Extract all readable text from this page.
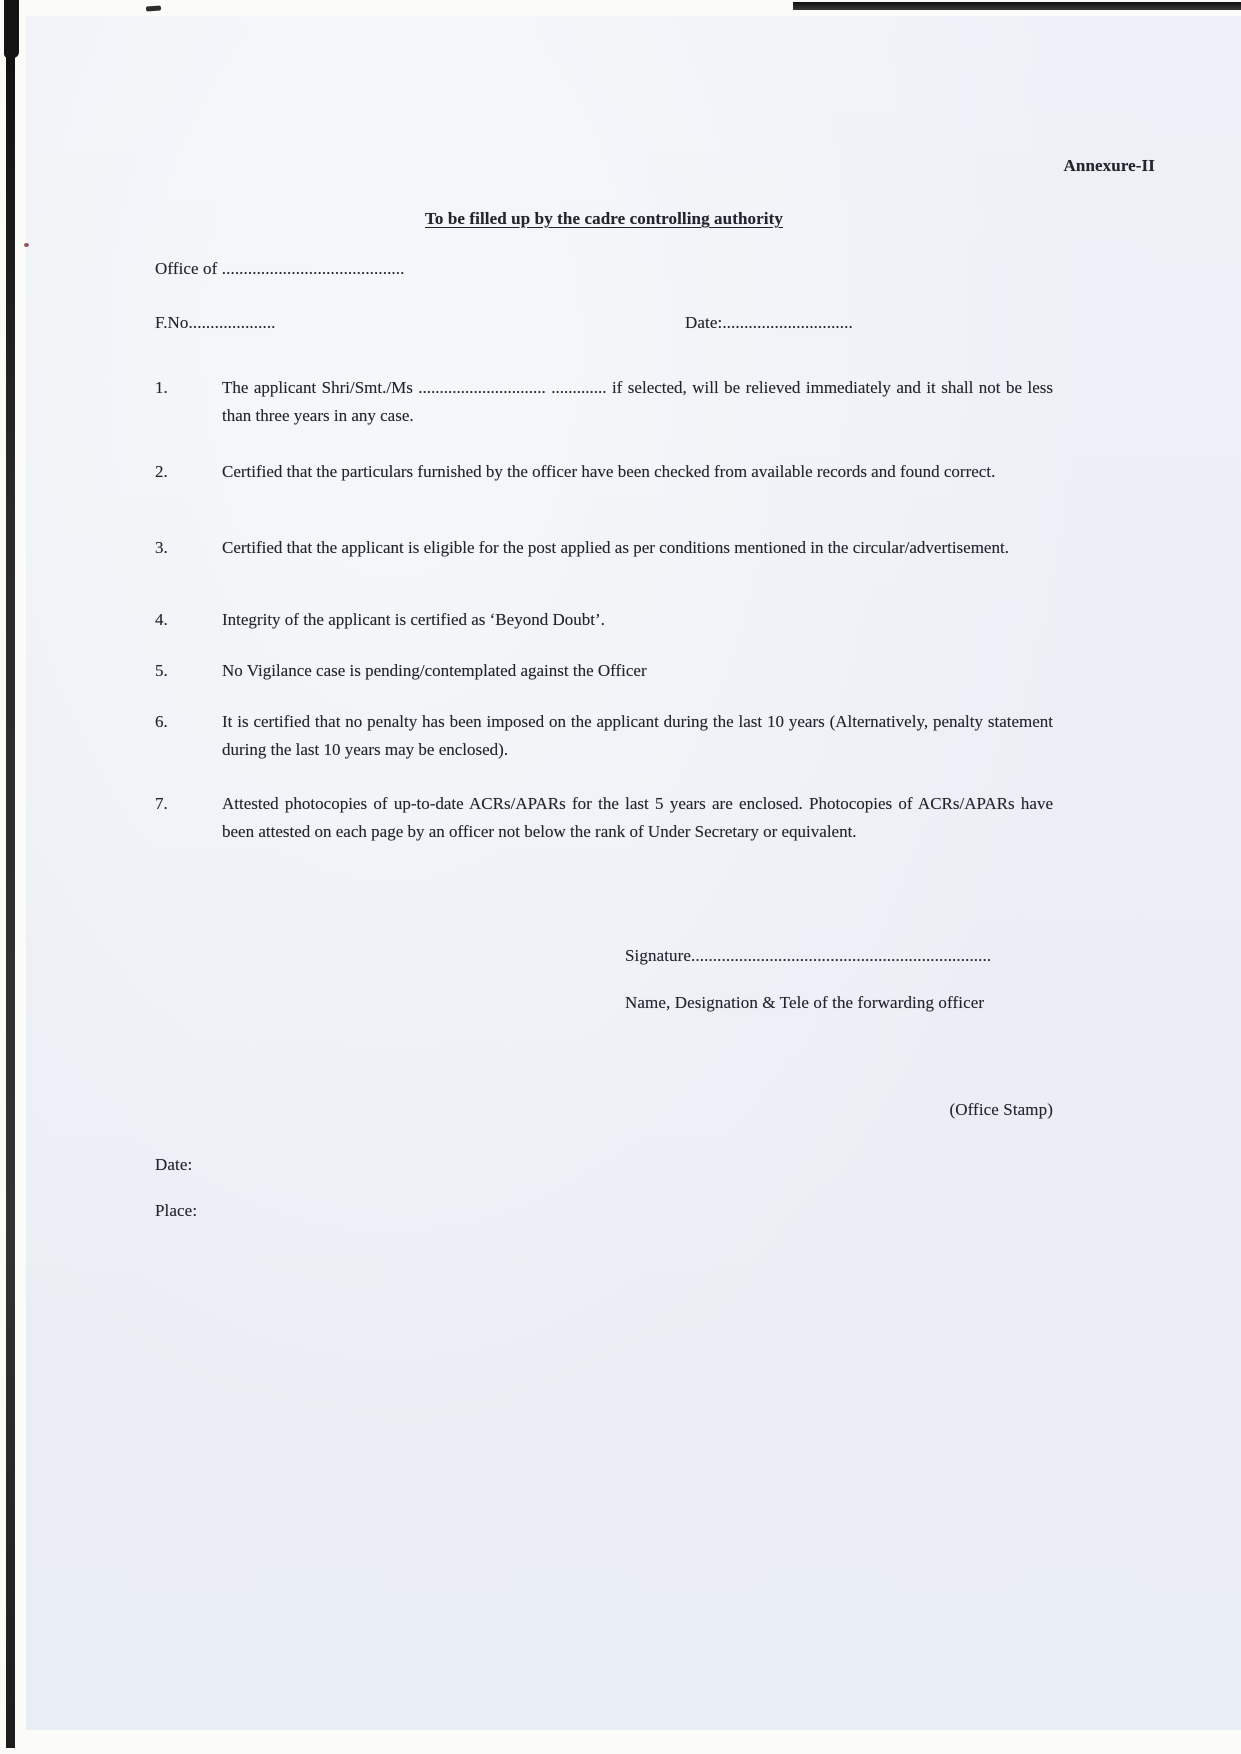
Annexure-II
To be filled up by the cadre controlling authority
Office of ..........................................
F.No....................	Date:..............................
1.	The applicant Shri/Smt./Ms .............................. ............. if selected, will be relieved immediately and it shall not be less than three years in any case.
2.	Certified that the particulars furnished by the officer have been checked from available records and found correct.
3.	Certified that the applicant is eligible for the post applied as per conditions mentioned in the circular/advertisement.
4.	Integrity of the applicant is certified as ‘Beyond Doubt’.
5.	No Vigilance case is pending/contemplated against the Officer
6.	It is certified that no penalty has been imposed on the applicant during the last 10 years (Alternatively, penalty statement during the last 10 years may be enclosed).
7.	Attested photocopies of up-to-date ACRs/APARs for the last 5 years are enclosed. Photocopies of ACRs/APARs have been attested on each page by an officer not below the rank of Under Secretary or equivalent.
Signature.....................................................................
Name, Designation & Tele of the forwarding officer
(Office Stamp)
Date:
Place:
